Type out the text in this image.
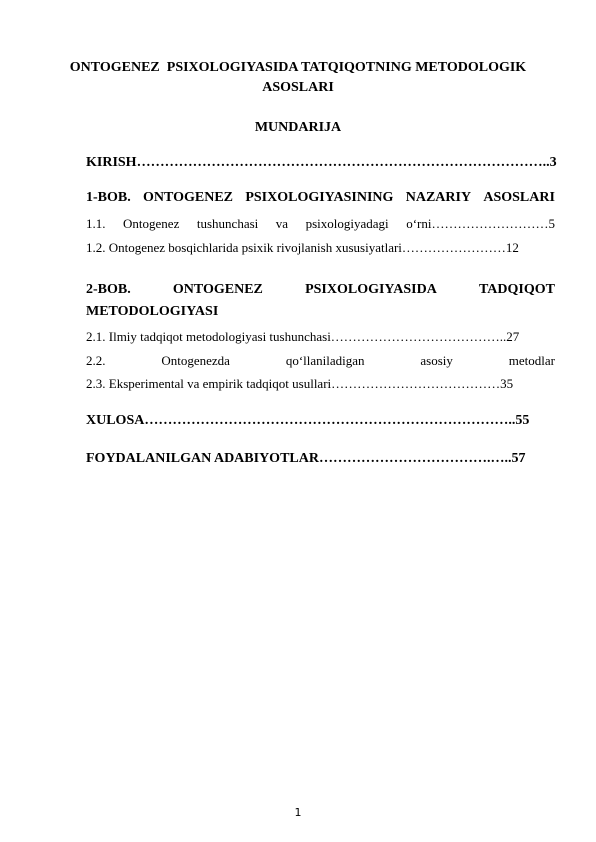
ONTOGENEZ  PSIXOLOGIYASIDA TATQIQOTNING METODOLOGIK
ASOSLARI
MUNDARIJA
KIRISH……………………………………………………………………………..3
1-BOB. ONTOGENEZ PSIXOLOGIYASINING NAZARIY ASOSLARI
1.1. Ontogenez tushunchasi va psixologiyadagi o‘rni………………………5
1.2. Ontogenez bosqichlarida psixik rivojlanish xususiyatlari……………………12
2-BOB.	ONTOGENEZ	PSIXOLOGIYASIDA	TADQIQOT
METODOLOGIYASI
2.1. Ilmiy tadqiqot metodologiyasi tushunchasi…………………………………..27
2.2.	Ontogenezda	qo‘llaniladigan	asosiy	metodlar
2.3. Eksperimental va empirik tadqiqot usullari…………………………………35
XULOSA……………………………………………………………………..55
FOYDALANILGAN ADABIYOTLAR……………………………….…..57
1
